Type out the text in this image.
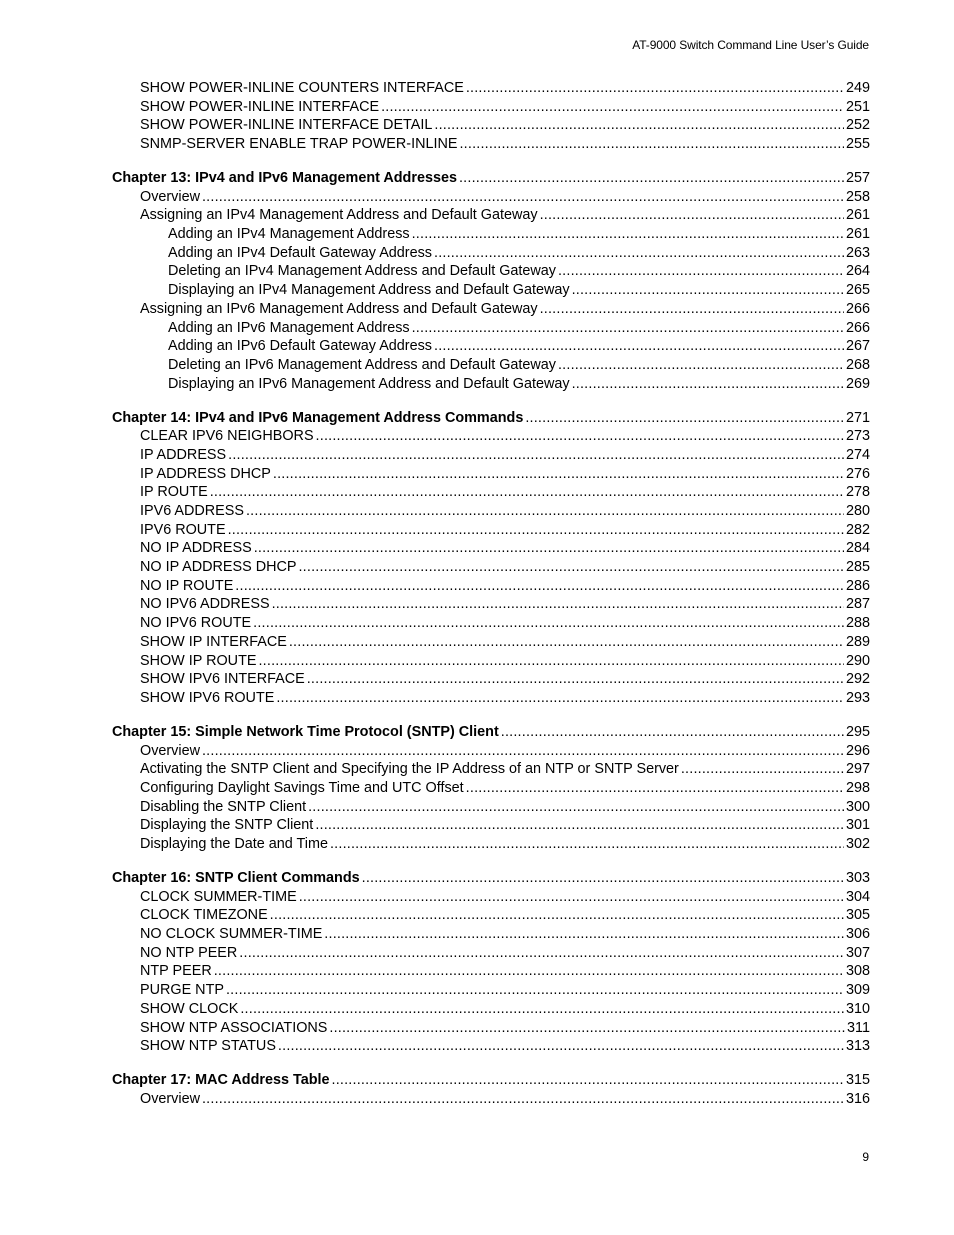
AT-9000 Switch Command Line User’s Guide
SHOW POWER-INLINE COUNTERS INTERFACE .....	249
SHOW POWER-INLINE INTERFACE .....	251
SHOW POWER-INLINE INTERFACE DETAIL .....	252
SNMP-SERVER ENABLE TRAP POWER-INLINE .....	255
Chapter 13: IPv4 and IPv6 Management Addresses .....	257
Overview .....	258
Assigning an IPv4 Management Address and Default Gateway .....	261
Adding an IPv4 Management Address .....	261
Adding an IPv4 Default Gateway Address .....	263
Deleting an IPv4 Management Address and Default Gateway .....	264
Displaying an IPv4 Management Address and Default Gateway .....	265
Assigning an IPv6 Management Address and Default Gateway .....	266
Adding an IPv6 Management Address .....	266
Adding an IPv6 Default Gateway Address .....	267
Deleting an IPv6 Management Address and Default Gateway .....	268
Displaying an IPv6 Management Address and Default Gateway .....	269
Chapter 14: IPv4 and IPv6 Management Address Commands .....	271
CLEAR IPV6 NEIGHBORS .....	273
IP ADDRESS .....	274
IP ADDRESS DHCP .....	276
IP ROUTE .....	278
IPV6 ADDRESS .....	280
IPV6 ROUTE .....	282
NO IP ADDRESS .....	284
NO IP ADDRESS DHCP .....	285
NO IP ROUTE .....	286
NO IPV6 ADDRESS .....	287
NO IPV6 ROUTE .....	288
SHOW IP INTERFACE .....	289
SHOW IP ROUTE .....	290
SHOW IPV6 INTERFACE .....	292
SHOW IPV6 ROUTE .....	293
Chapter 15: Simple Network Time Protocol (SNTP) Client .....	295
Overview .....	296
Activating the SNTP Client and Specifying the IP Address of an NTP or SNTP Server .....	297
Configuring Daylight Savings Time and UTC Offset .....	298
Disabling the SNTP Client .....	300
Displaying the SNTP Client .....	301
Displaying the Date and Time .....	302
Chapter 16: SNTP Client Commands .....	303
CLOCK SUMMER-TIME .....	304
CLOCK TIMEZONE .....	305
NO CLOCK SUMMER-TIME .....	306
NO NTP PEER .....	307
NTP PEER .....	308
PURGE NTP .....	309
SHOW CLOCK .....	310
SHOW NTP ASSOCIATIONS .....	311
SHOW NTP STATUS .....	313
Chapter 17: MAC Address Table .....	315
Overview .....	316
9
